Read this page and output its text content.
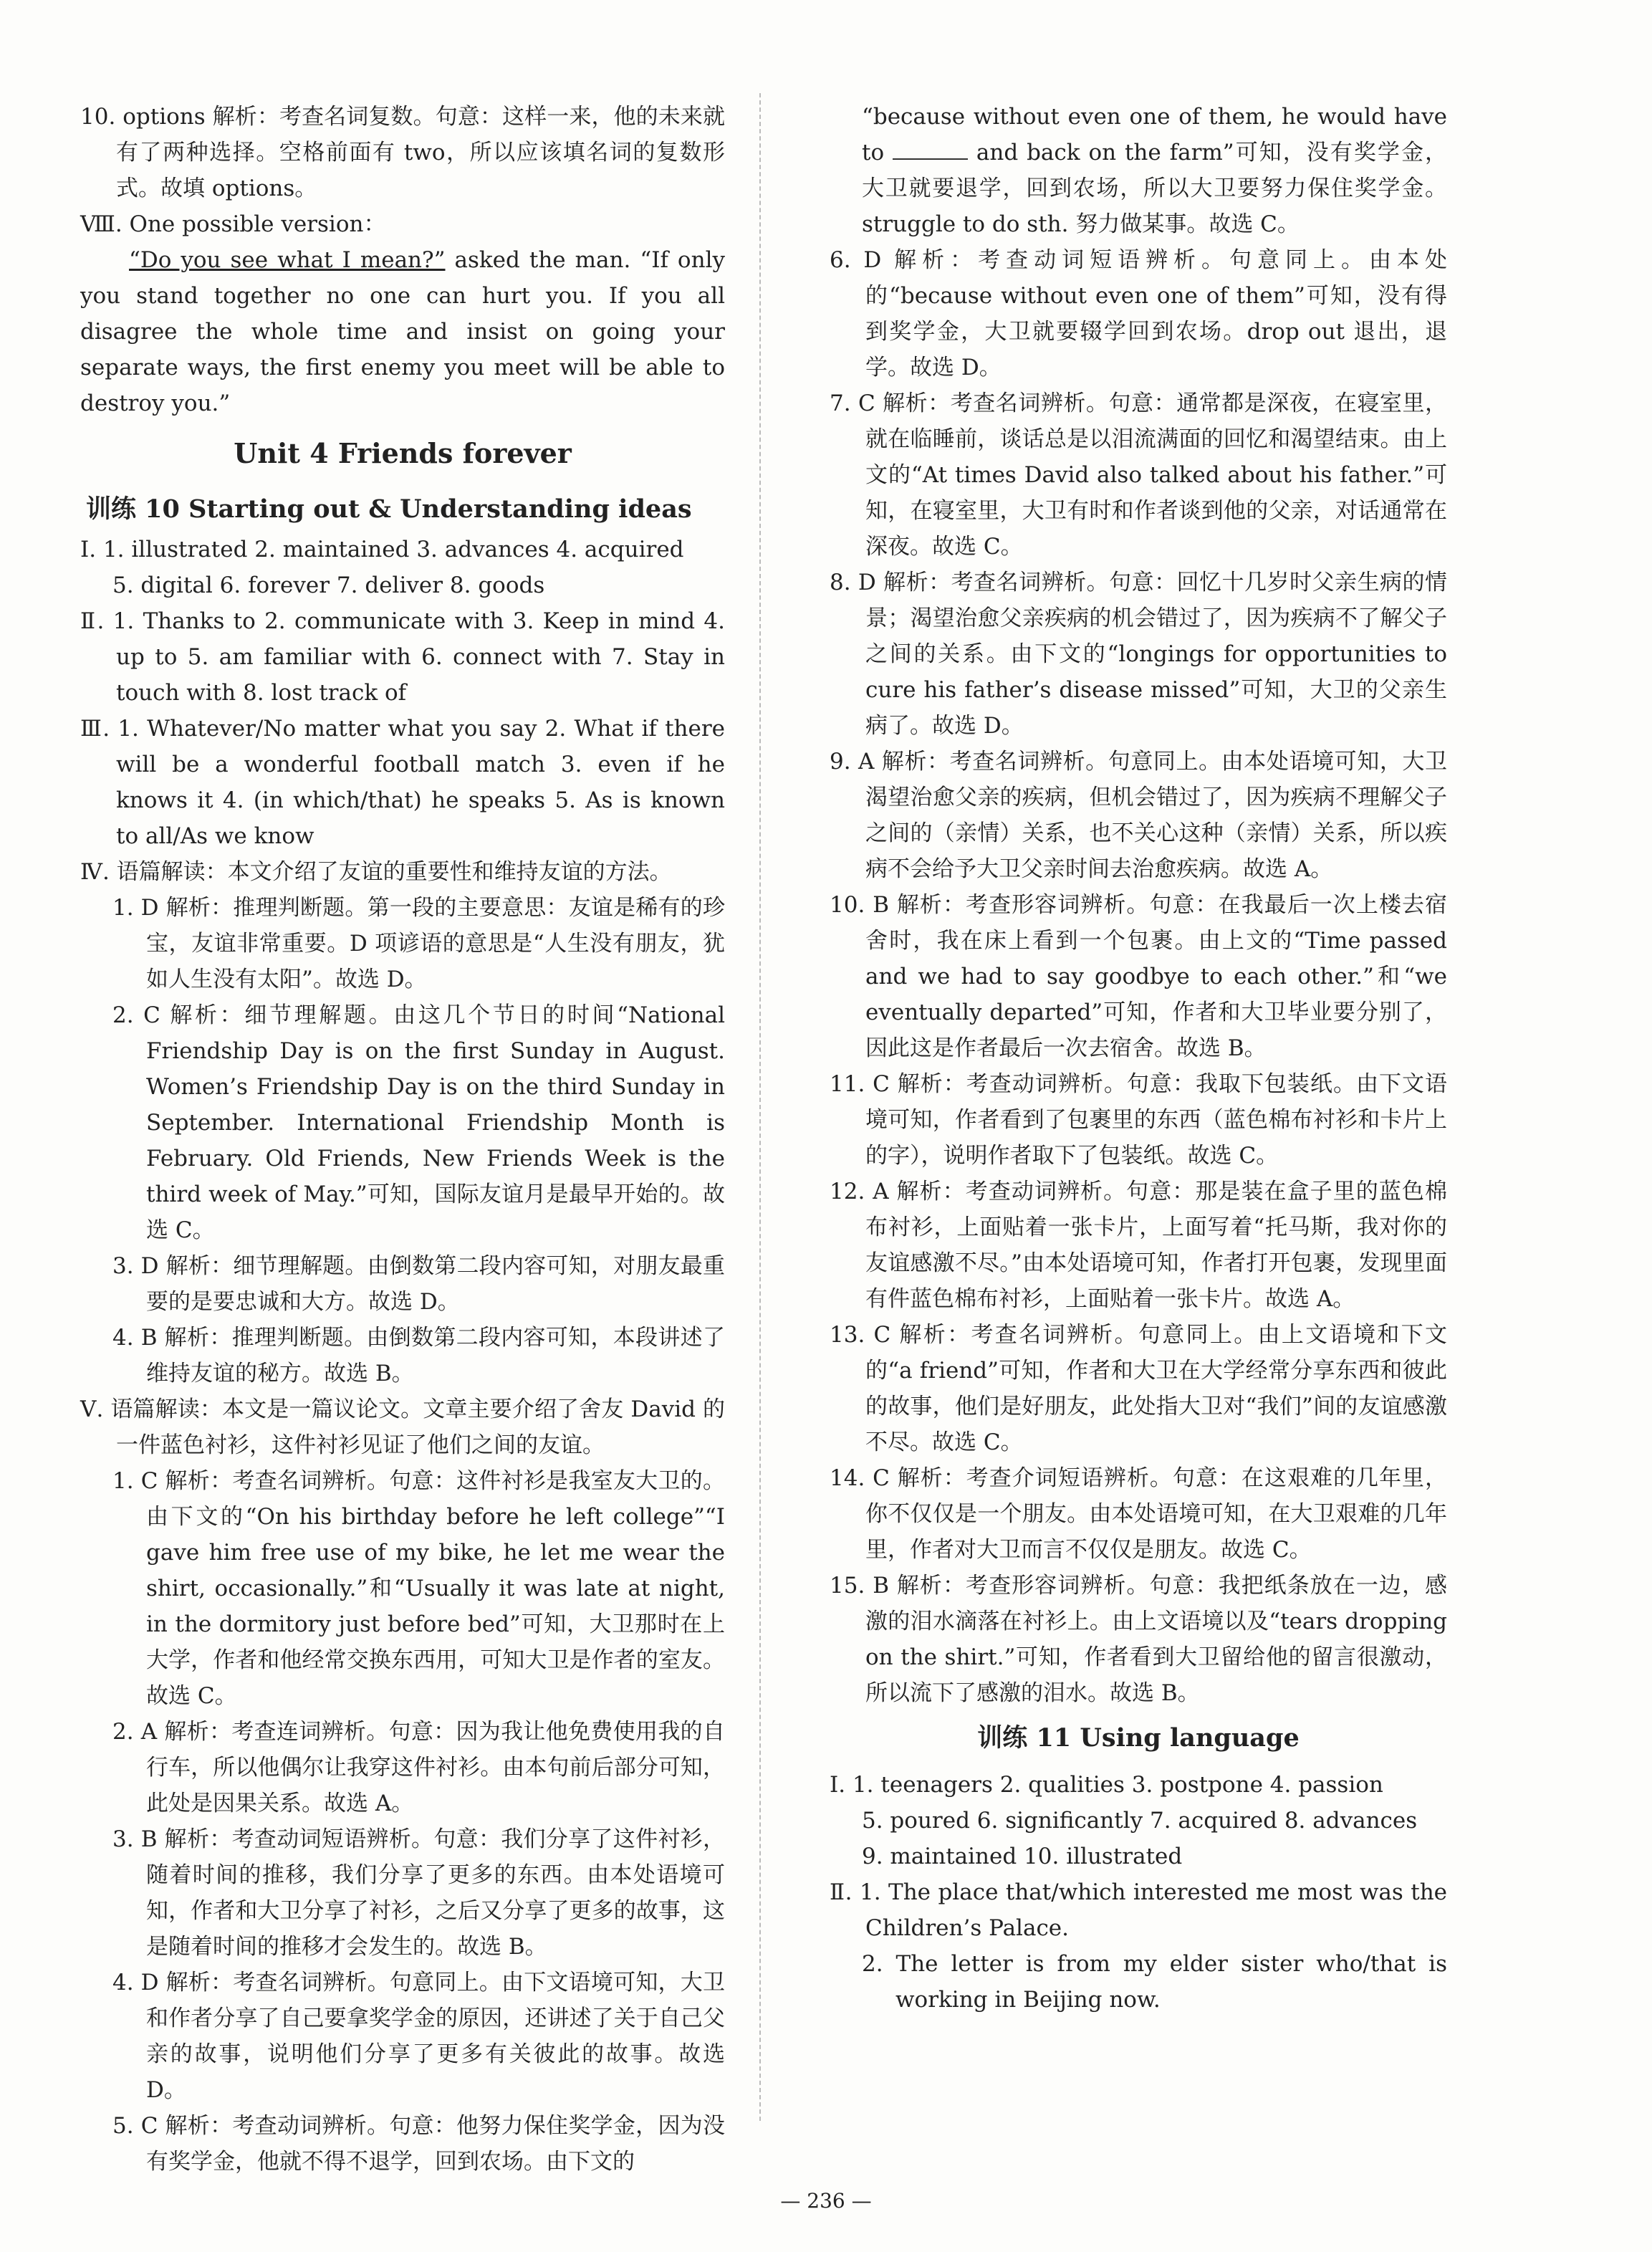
10. options 解析：考查名词复数。句意：这样一来，他的未来就有了两种选择。空格前面有 two，所以应该填名词的复数形式。故填 options。

Ⅷ. One possible version：

“Do you see what I mean?” asked the man. “If only you stand together no one can hurt you. If you all disagree the whole time and insist on going your separate ways, the first enemy you meet will be able to destroy you.”

Unit 4 Friends forever

训练 10 Starting out & Understanding ideas

Ⅰ. 1. illustrated 2. maintained 3. advances 4. acquired

5. digital 6. forever 7. deliver 8. goods

Ⅱ. 1. Thanks to 2. communicate with 3. Keep in mind 4. up to 5. am familiar with 6. connect with 7. Stay in touch with 8. lost track of

Ⅲ. 1. Whatever/No matter what you say 2. What if there will be a wonderful football match 3. even if he knows it 4. (in which/that) he speaks 5. As is known to all/As we know

Ⅳ. 语篇解读：本文介绍了友谊的重要性和维持友谊的方法。

1. D 解析：推理判断题。第一段的主要意思：友谊是稀有的珍宝，友谊非常重要。D 项谚语的意思是“人生没有朋友，犹如人生没有太阳”。故选 D。

2. C 解析：细节理解题。由这几个节日的时间“National Friendship Day is on the first Sunday in August. Women’s Friendship Day is on the third Sunday in September. International Friendship Month is February. Old Friends, New Friends Week is the third week of May.”可知，国际友谊月是最早开始的。故选 C。

3. D 解析：细节理解题。由倒数第二段内容可知，对朋友最重要的是要忠诚和大方。故选 D。

4. B 解析：推理判断题。由倒数第二段内容可知，本段讲述了维持友谊的秘方。故选 B。

Ⅴ. 语篇解读：本文是一篇议论文。文章主要介绍了舍友 David 的一件蓝色衬衫，这件衬衫见证了他们之间的友谊。

1. C 解析：考查名词辨析。句意：这件衬衫是我室友大卫的。由下文的“On his birthday before he left college”“I gave him free use of my bike, he let me wear the shirt, occasionally.”和“Usually it was late at night, in the dormitory just before bed”可知，大卫那时在上大学，作者和他经常交换东西用，可知大卫是作者的室友。故选 C。

2. A 解析：考查连词辨析。句意：因为我让他免费使用我的自行车，所以他偶尔让我穿这件衬衫。由本句前后部分可知，此处是因果关系。故选 A。

3. B 解析：考查动词短语辨析。句意：我们分享了这件衬衫，随着时间的推移，我们分享了更多的东西。由本处语境可知，作者和大卫分享了衬衫，之后又分享了更多的故事，这是随着时间的推移才会发生的。故选 B。

4. D 解析：考查名词辨析。句意同上。由下文语境可知，大卫和作者分享了自己要拿奖学金的原因，还讲述了关于自己父亲的故事，说明他们分享了更多有关彼此的故事。故选 D。

5. C 解析：考查动词辨析。句意：他努力保住奖学金，因为没有奖学金，他就不得不退学，回到农场。由下文的

“because without even one of them, he would have to	and back on the farm”可知，没有奖学金，大卫就要退学，回到农场，所以大卫要努力保住奖学金。struggle to do sth. 努力做某事。故选 C。

6. D 解析：考查动词短语辨析。句意同上。由本处的“because without even one of them”可知，没有得到奖学金，大卫就要辍学回到农场。drop out 退出，退学。故选 D。

7. C 解析：考查名词辨析。句意：通常都是深夜，在寝室里，就在临睡前，谈话总是以泪流满面的回忆和渴望结束。由上文的“At times David also talked about his father.”可知，在寝室里，大卫有时和作者谈到他的父亲，对话通常在深夜。故选 C。

8. D 解析：考查名词辨析。句意：回忆十几岁时父亲生病的情景；渴望治愈父亲疾病的机会错过了，因为疾病不了解父子之间的关系。由下文的“longings for opportunities to cure his father’s disease missed”可知，大卫的父亲生病了。故选 D。

9. A 解析：考查名词辨析。句意同上。由本处语境可知，大卫渴望治愈父亲的疾病，但机会错过了，因为疾病不理解父子之间的（亲情）关系，也不关心这种（亲情）关系，所以疾病不会给予大卫父亲时间去治愈疾病。故选 A。

10. B 解析：考查形容词辨析。句意：在我最后一次上楼去宿舍时，我在床上看到一个包裹。由上文的“Time passed and we had to say goodbye to each other.”和“we eventually departed”可知，作者和大卫毕业要分别了，因此这是作者最后一次去宿舍。故选 B。

11. C 解析：考查动词辨析。句意：我取下包装纸。由下文语境可知，作者看到了包裹里的东西（蓝色棉布衬衫和卡片上的字），说明作者取下了包装纸。故选 C。

12. A 解析：考查动词辨析。句意：那是装在盒子里的蓝色棉布衬衫，上面贴着一张卡片，上面写着“托马斯，我对你的友谊感激不尽。”由本处语境可知，作者打开包裹，发现里面有件蓝色棉布衬衫，上面贴着一张卡片。故选 A。

13. C 解析：考查名词辨析。句意同上。由上文语境和下文的“a friend”可知，作者和大卫在大学经常分享东西和彼此的故事，他们是好朋友，此处指大卫对“我们”间的友谊感激不尽。故选 C。

14. C 解析：考查介词短语辨析。句意：在这艰难的几年里，你不仅仅是一个朋友。由本处语境可知，在大卫艰难的几年里，作者对大卫而言不仅仅是朋友。故选 C。

15. B 解析：考查形容词辨析。句意：我把纸条放在一边，感激的泪水滴落在衬衫上。由上文语境以及“tears dropping on the shirt.”可知，作者看到大卫留给他的留言很激动，所以流下了感激的泪水。故选 B。

训练 11 Using language

Ⅰ. 1. teenagers 2. qualities 3. postpone 4. passion

5. poured 6. significantly 7. acquired 8. advances

9. maintained 10. illustrated

Ⅱ. 1. The place that/which interested me most was the Children’s Palace.

2. The letter is from my elder sister who/that is working in Beijing now.

— 236 —
